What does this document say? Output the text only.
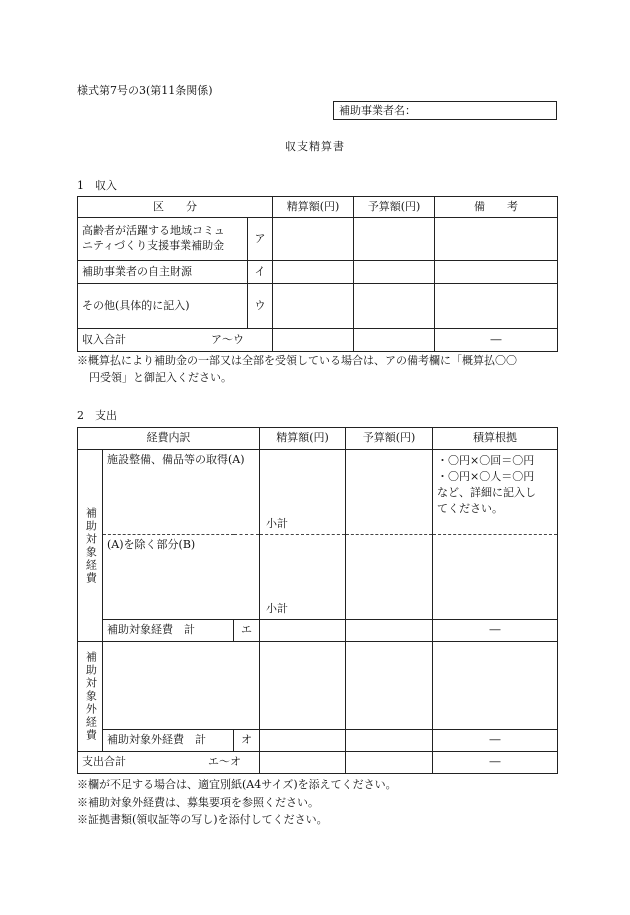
様式第7号の3(第11条関係)
補助事業者名：
収支精算書
1　収入
区　　分		精算額(円)	予算額(円)	備　　考

高齢者が活躍する地域コミュ
ニティづくり支援事業補助金	ア			
補助事業者の自主財源	イ			
その他(具体的に記入)	ウ			
収入合計 ア～ウ				―
※概算払により補助金の一部又は全部を受領している場合は、アの備考欄に「概算払〇〇
円受領」と御記入ください。
2　支出
経費内訳			精算額(円)	予算額(円)	積算根拠

補助対象経費	施設整備、備品等の取得(A)		小計		・〇円×〇回＝〇円
・〇円×〇人＝〇円
など、詳細に記入し
てください。

	(A)を除く部分(B)		小計		

	補助対象経費　計	エ			―

補助対象外経費					

	補助対象外経費　計	オ			―
支出合計 エ～オ					―
※欄が不足する場合は、適宜別紙(A4サイズ)を添えてください。
※補助対象外経費は、募集要項を参照ください。
※証拠書類(領収証等の写し)を添付してください。
